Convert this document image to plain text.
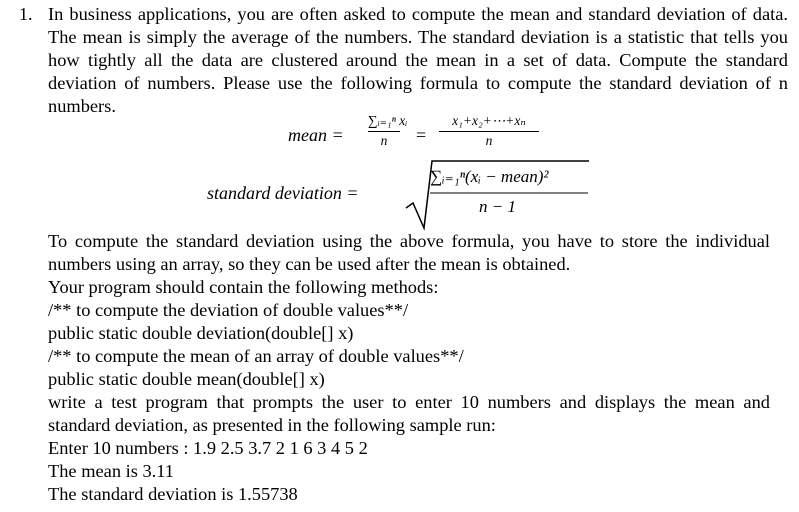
1. In business applications, you are often asked to compute the mean and standard deviation of data. The mean is simply the average of the numbers. The standard deviation is a statistic that tells you how tightly all the data are clustered around the mean in a set of data. Compute the standard deviation of numbers. Please use the following formula to compute the standard deviation of n numbers.

mean =
∑ᵢ₌₁ⁿ xᵢ
n	=
x₁+x₂+⋯+xₙ
n
standard deviation =
∑ᵢ₌₁ⁿ(xᵢ − mean)²
n − 1

To compute the standard deviation using the above formula, you have to store the individual numbers using an array, so they can be used after the mean is obtained.

Your program should contain the following methods:
/** to compute the deviation of double values**/
public static double deviation(double[] x)
/** to compute the mean of an array of double values**/
public static double mean(double[] x)

write a test program that prompts the user to enter 10 numbers and displays the mean and standard deviation, as presented in the following sample run:

Enter 10 numbers : 1.9 2.5 3.7 2 1 6 3 4 5 2
The mean is 3.11
The standard deviation is 1.55738
